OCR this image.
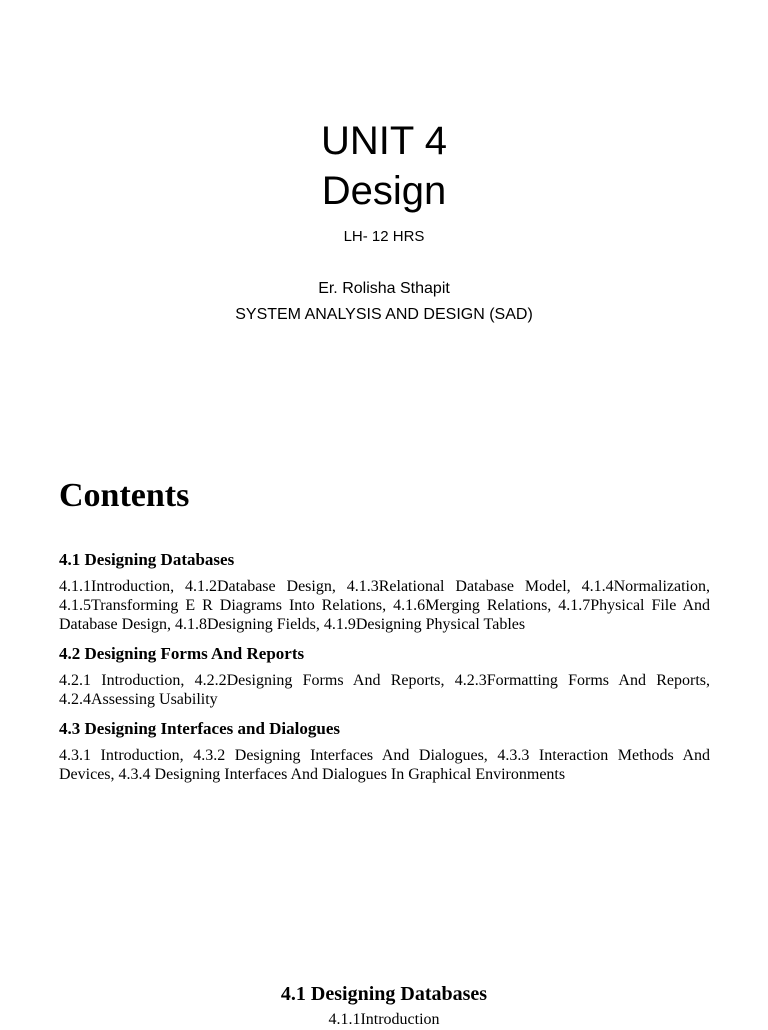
UNIT 4
Design
LH- 12 HRS
Er. Rolisha Sthapit
SYSTEM ANALYSIS AND DESIGN (SAD)
Contents

4.1 Designing Databases

4.1.1Introduction, 4.1.2Database Design, 4.1.3Relational Database Model, 4.1.4Normalization, 4.1.5Transforming E R Diagrams Into Relations, 4.1.6Merging Relations, 4.1.7Physical File And Database Design, 4.1.8Designing Fields, 4.1.9Designing Physical Tables

4.2 Designing Forms And Reports

4.2.1 Introduction, 4.2.2Designing Forms And Reports, 4.2.3Formatting Forms And Reports, 4.2.4Assessing Usability

4.3 Designing Interfaces and Dialogues

4.3.1 Introduction, 4.3.2 Designing Interfaces And Dialogues, 4.3.3 Interaction Methods And Devices, 4.3.4 Designing Interfaces And Dialogues In Graphical Environments

4.1 Designing Databases
4.1.1Introduction
